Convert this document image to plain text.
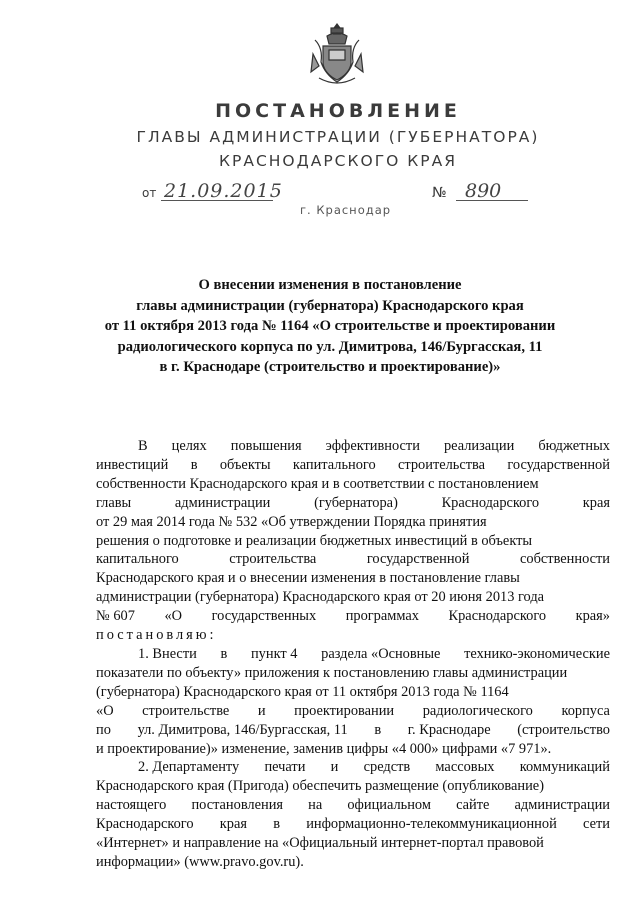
ПОСТАНОВЛЕНИЕ
ГЛАВЫ АДМИНИСТРАЦИИ (ГУБЕРНАТОРА)
КРАСНОДАРСКОГО КРАЯ
от 21.09.2015	№ 890
г. Краснодар
О внесении изменения в постановление
главы администрации (губернатора) Краснодарского края
от 11 октября 2013 года № 1164 «О строительстве и проектировании
радиологического корпуса по ул. Димитрова, 146/Бургасская, 11
в г. Краснодаре (строительство и проектирование)»
В целях повышения эффективности реализации бюджетных
инвестиций в объекты капитального строительства государственной
собственности Краснодарского края и в соответствии с постановлением
главы	администрации	(губернатора)	Краснодарского	края
от 29 мая 2014 года № 532 «Об утверждении Порядка принятия
решения о подготовке и реализации бюджетных инвестиций в объекты
капитального	строительства	государственной	собственности
Краснодарского края и о внесении изменения в постановление главы
администрации (губернатора) Краснодарского края от 20 июня 2013 года
№ 607 «О государственных программах Краснодарского края»
постановляю:
1. Внести в пункт 4 раздела «Основные технико-экономические
показатели по объекту» приложения к постановлению главы администрации
(губернатора) Краснодарского края от 11 октября 2013 года № 1164
«О строительстве и проектировании радиологического корпуса
по ул. Димитрова, 146/Бургасская, 11 в г. Краснодаре (строительство
и проектирование)» изменение, заменив цифры «4 000» цифрами «7 971».
2. Департаменту печати и средств массовых коммуникаций
Краснодарского края (Пригода) обеспечить размещение (опубликование)
настоящего постановления на официальном сайте администрации
Краснодарского края в информационно-телекоммуникационной сети
«Интернет» и направление на «Официальный интернет-портал правовой
информации» (www.pravo.gov.ru).
